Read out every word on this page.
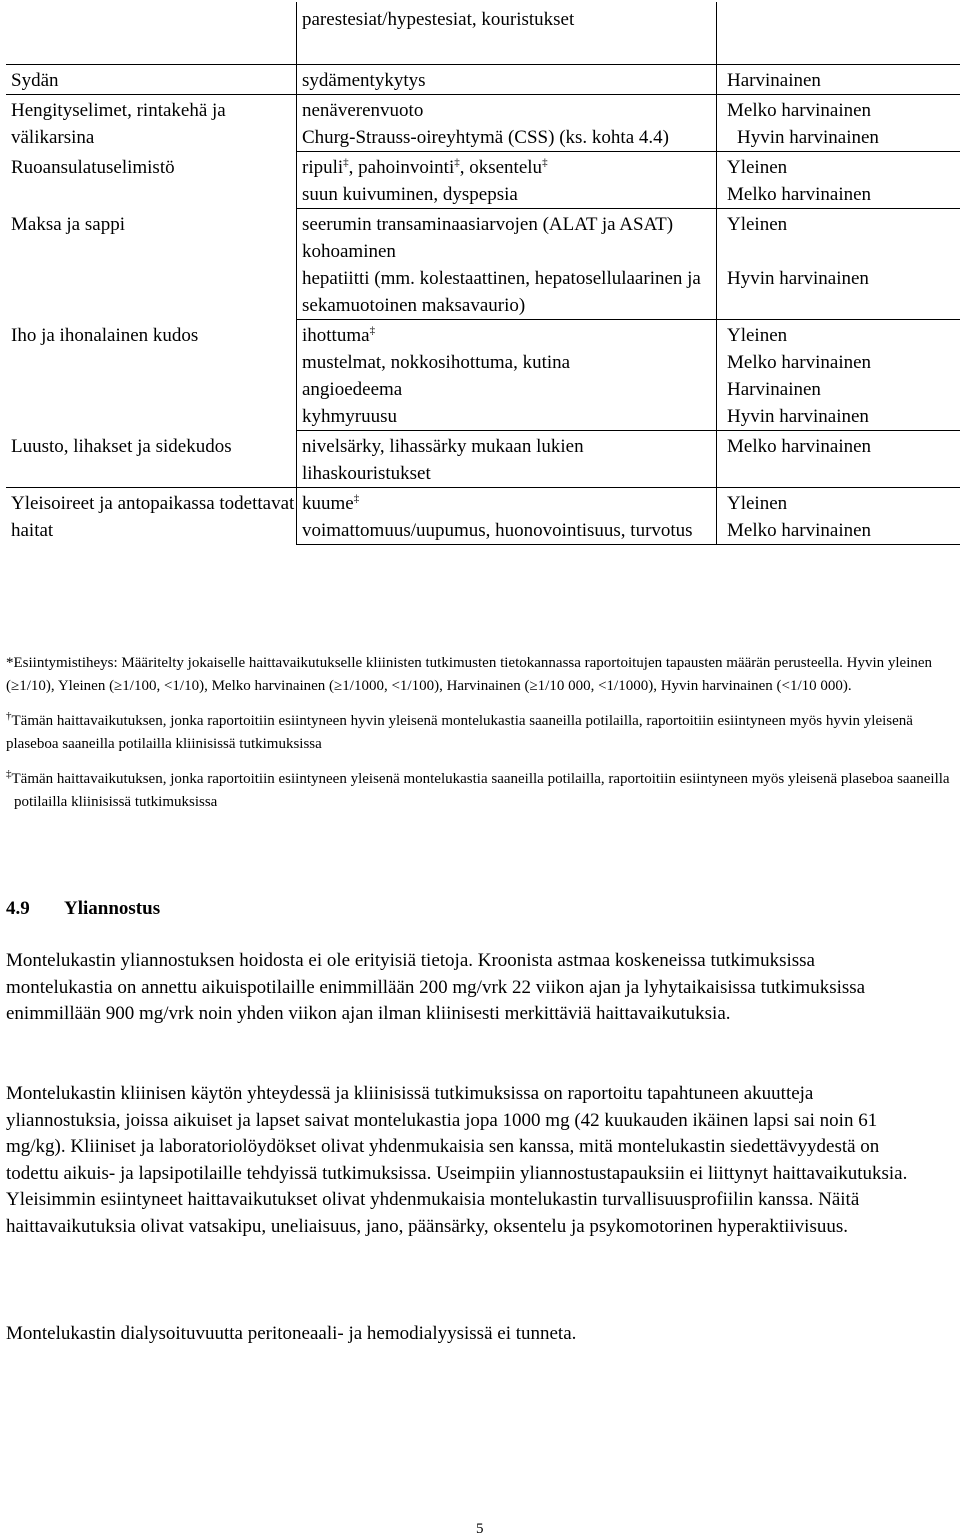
	parestesiat/hypestesiat, kouristukset	
Sydän	sydämentykytys	Harvinainen
Hengityselimet, rintakehä ja välikarsina	nenäverenvuoto	Melko harvinainen
	Churg-Strauss-oireyhtymä (CSS) (ks. kohta 4.4)	Hyvin harvinainen
Ruoansulatuselimistö	ripuli‡, pahoinvointi‡, oksentelu‡	Yleinen
	suun kuivuminen, dyspepsia	Melko harvinainen
Maksa ja sappi	seerumin transaminaasiarvojen (ALAT ja ASAT) kohoaminen	Yleinen
	hepatiitti (mm. kolestaattinen, hepatosellulaarinen ja sekamuotoinen maksavaurio)	Hyvin harvinainen
Iho ja ihonalainen kudos	ihottuma‡	Yleinen
	mustelmat, nokkosihottuma, kutina	Melko harvinainen
	angioedeema	Harvinainen
	kyhmyruusu	Hyvin harvinainen
Luusto, lihakset ja sidekudos	nivelsärky, lihassärky mukaan lukien lihaskouristukset	Melko harvinainen
Yleisoireet ja antopaikassa todettavat haitat	kuume‡	Yleinen
	voimattomuus/uupumus, huonovointisuus, turvotus	Melko harvinainen

*Esiintymistiheys: Määritelty jokaiselle haittavaikutukselle kliinisten tutkimusten tietokannassa raportoitujen tapausten määrän perusteella. Hyvin yleinen (≥1/10), Yleinen (≥1/100, <1/10), Melko harvinainen (≥1/1000, <1/100), Harvinainen (≥1/10 000, <1/1000), Hyvin harvinainen (<1/10 000).

†Tämän haittavaikutuksen, jonka raportoitiin esiintyneen hyvin yleisenä montelukastia saaneilla potilailla, raportoitiin esiintyneen myös hyvin yleisenä plaseboa saaneilla potilailla kliinisissä tutkimuksissa

‡Tämän haittavaikutuksen, jonka raportoitiin esiintyneen yleisenä montelukastia saaneilla potilailla, raportoitiin esiintyneen myös yleisenä plaseboa saaneilla potilailla kliinisissä tutkimuksissa

4.9 Yliannostus

Montelukastin yliannostuksen hoidosta ei ole erityisiä tietoja. Kroonista astmaa koskeneissa tutkimuksissa montelukastia on annettu aikuispotilaille enimmillään 200 mg/vrk 22 viikon ajan ja lyhytaikaisissa tutkimuksissa enimmillään 900 mg/vrk noin yhden viikon ajan ilman kliinisesti merkittäviä haittavaikutuksia.

Montelukastin kliinisen käytön yhteydessä ja kliinisissä tutkimuksissa on raportoitu tapahtuneen akuutteja yliannostuksia, joissa aikuiset ja lapset saivat montelukastia jopa 1000 mg (42 kuukauden ikäinen lapsi sai noin 61 mg/kg). Kliiniset ja laboratoriolöydökset olivat yhdenmukaisia sen kanssa, mitä montelukastin siedettävyydestä on todettu aikuis- ja lapsipotilaille tehdyissä tutkimuksissa. Useimpiin yliannostustapauksiin ei liittynyt haittavaikutuksia. Yleisimmin esiintyneet haittavaikutukset olivat yhdenmukaisia montelukastin turvallisuusprofiilin kanssa. Näitä haittavaikutuksia olivat vatsakipu, uneliaisuus, jano, päänsärky, oksentelu ja psykomotorinen hyperaktiivisuus.

Montelukastin dialysoituvuutta peritoneaali- ja hemodialyysissä ei tunneta.

5
